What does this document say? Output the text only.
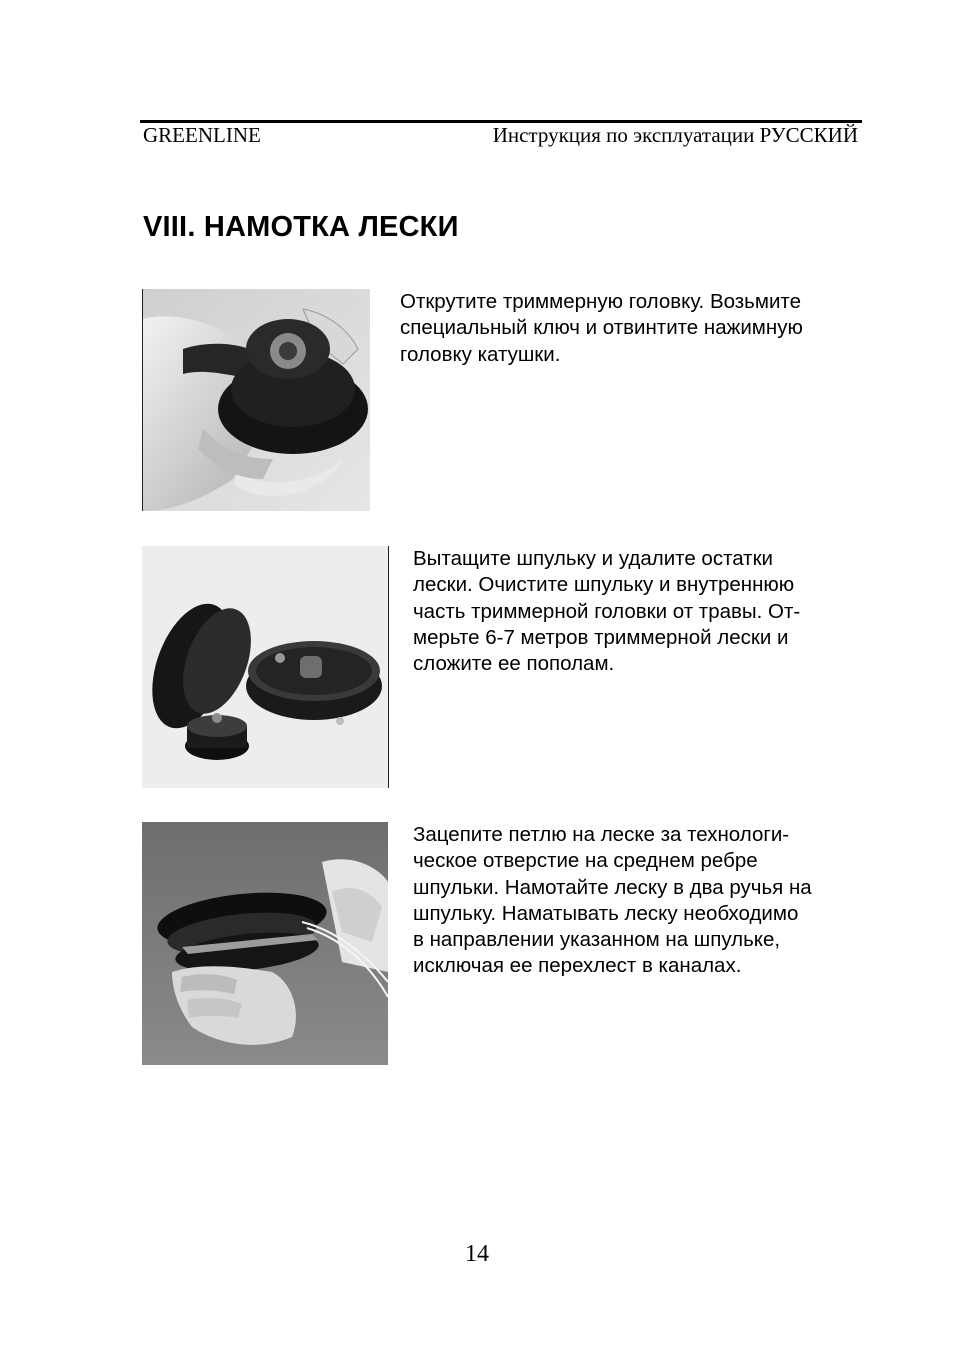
GREENLINE	Инструкция по эксплуатации РУССКИЙ
VIII. НАМОТКА ЛЕСКИ
Открутите триммерную головку. Возьмите
специальный ключ и отвинтите нажимную
головку катушки.
Вытащите шпульку и удалите остатки
лески. Очистите шпульку и внутреннюю
часть триммерной головки от травы. От-
мерьте 6-7 метров триммерной лески и
сложите ее пополам.
Зацепите петлю на леске за технологи-
ческое отверстие на среднем ребре
шпульки. Намотайте леску в два ручья на
шпульку. Наматывать леску необходимо
в направлении указанном на шпульке,
исключая ее перехлест в каналах.
14
